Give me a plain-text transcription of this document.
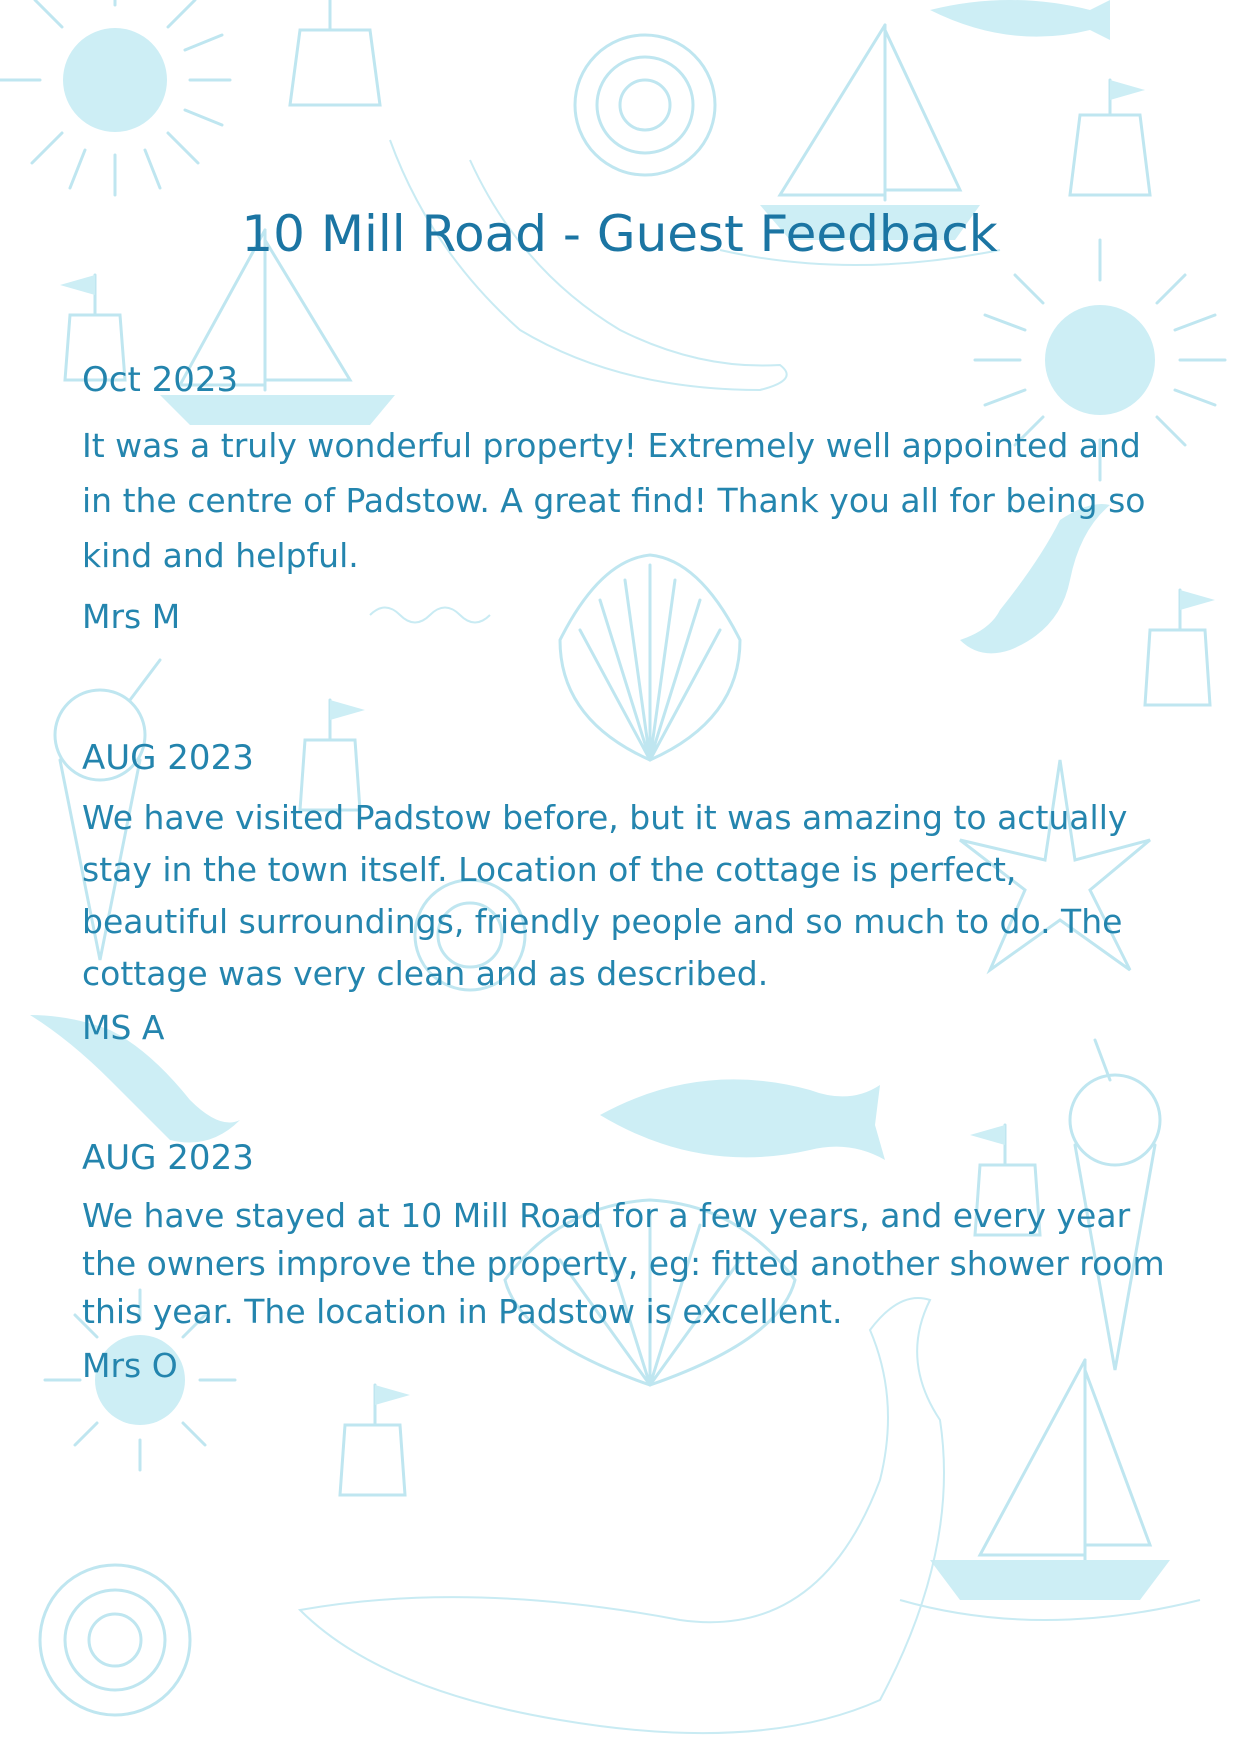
10 Mill Road - Guest Feedback

Oct 2023

It was a truly wonderful property! Extremely well appointed and in the centre of Padstow. A great find! Thank you all for being so kind and helpful.

Mrs M

AUG 2023

We have visited Padstow before, but it was amazing to actually stay in the town itself. Location of the cottage is perfect, beautiful surroundings, friendly people and so much to do. The cottage was very clean and as described.

MS A

AUG 2023

We have stayed at 10 Mill Road for a few years, and every year the owners improve the property, eg: fitted another shower room this year. The location in Padstow is excellent.

Mrs O
